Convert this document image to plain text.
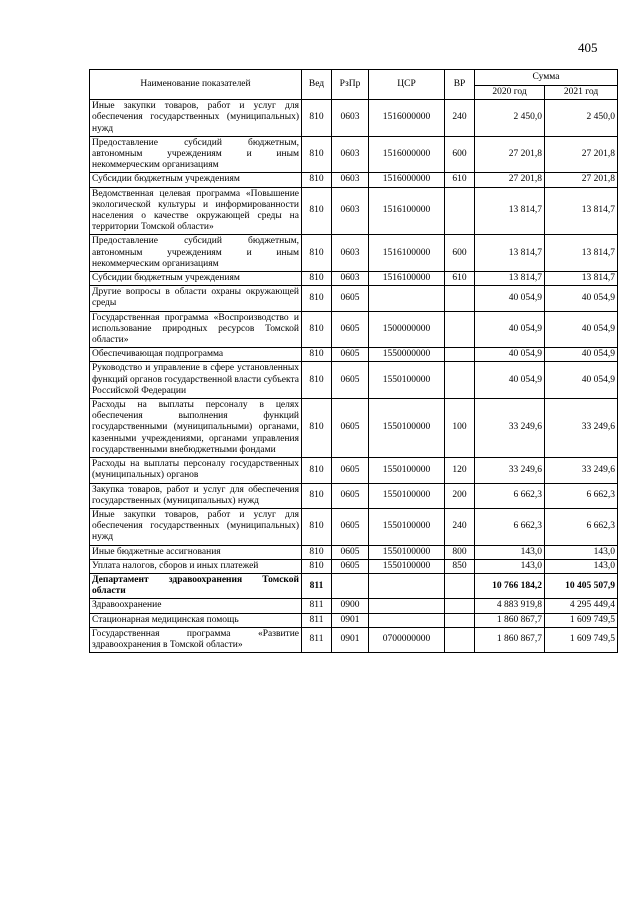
405
Наименование показателей	Вед	РзПр	ЦСР	ВР	Сумма	
					2020 год	2021 год
Иные закупки товаров, работ и услуг для обеспечения государственных (муниципальных) нужд	810	0603	1516000000	240	2 450,0	2 450,0
Предоставление субсидий бюджетным, автономным учреждениям и иным некоммерческим организациям	810	0603	1516000000	600	27 201,8	27 201,8
Субсидии бюджетным учреждениям	810	0603	1516000000	610	27 201,8	27 201,8
Ведомственная целевая программа «Повышение экологической культуры и информированности населения о качестве окружающей среды на территории Томской области»	810	0603	1516100000		13 814,7	13 814,7
Предоставление субсидий бюджетным, автономным учреждениям и иным некоммерческим организациям	810	0603	1516100000	600	13 814,7	13 814,7
Субсидии бюджетным учреждениям	810	0603	1516100000	610	13 814,7	13 814,7
Другие вопросы в области охраны окружающей среды	810	0605			40 054,9	40 054,9
Государственная программа «Воспроизводство и использование природных ресурсов Томской области»	810	0605	1500000000		40 054,9	40 054,9
Обеспечивающая подпрограмма	810	0605	1550000000		40 054,9	40 054,9
Руководство и управление в сфере установленных функций органов государственной власти субъекта Российской Федерации	810	0605	1550100000		40 054,9	40 054,9
Расходы на выплаты персоналу в целях обеспечения выполнения функций государственными (муниципальными) органами, казенными учреждениями, органами управления государственными внебюджетными фондами	810	0605	1550100000	100	33 249,6	33 249,6
Расходы на выплаты персоналу государственных (муниципальных) органов	810	0605	1550100000	120	33 249,6	33 249,6
Закупка товаров, работ и услуг для обеспечения государственных (муниципальных) нужд	810	0605	1550100000	200	6 662,3	6 662,3
Иные закупки товаров, работ и услуг для обеспечения государственных (муниципальных) нужд	810	0605	1550100000	240	6 662,3	6 662,3
Иные бюджетные ассигнования	810	0605	1550100000	800	143,0	143,0
Уплата налогов, сборов и иных платежей	810	0605	1550100000	850	143,0	143,0
Департамент здравоохранения Томской области	811				10 766 184,2	10 405 507,9
Здравоохранение	811	0900			4 883 919,8	4 295 449,4
Стационарная медицинская помощь	811	0901			1 860 867,7	1 609 749,5
Государственная программа «Развитие здравоохранения в Томской области»	811	0901	0700000000		1 860 867,7	1 609 749,5
